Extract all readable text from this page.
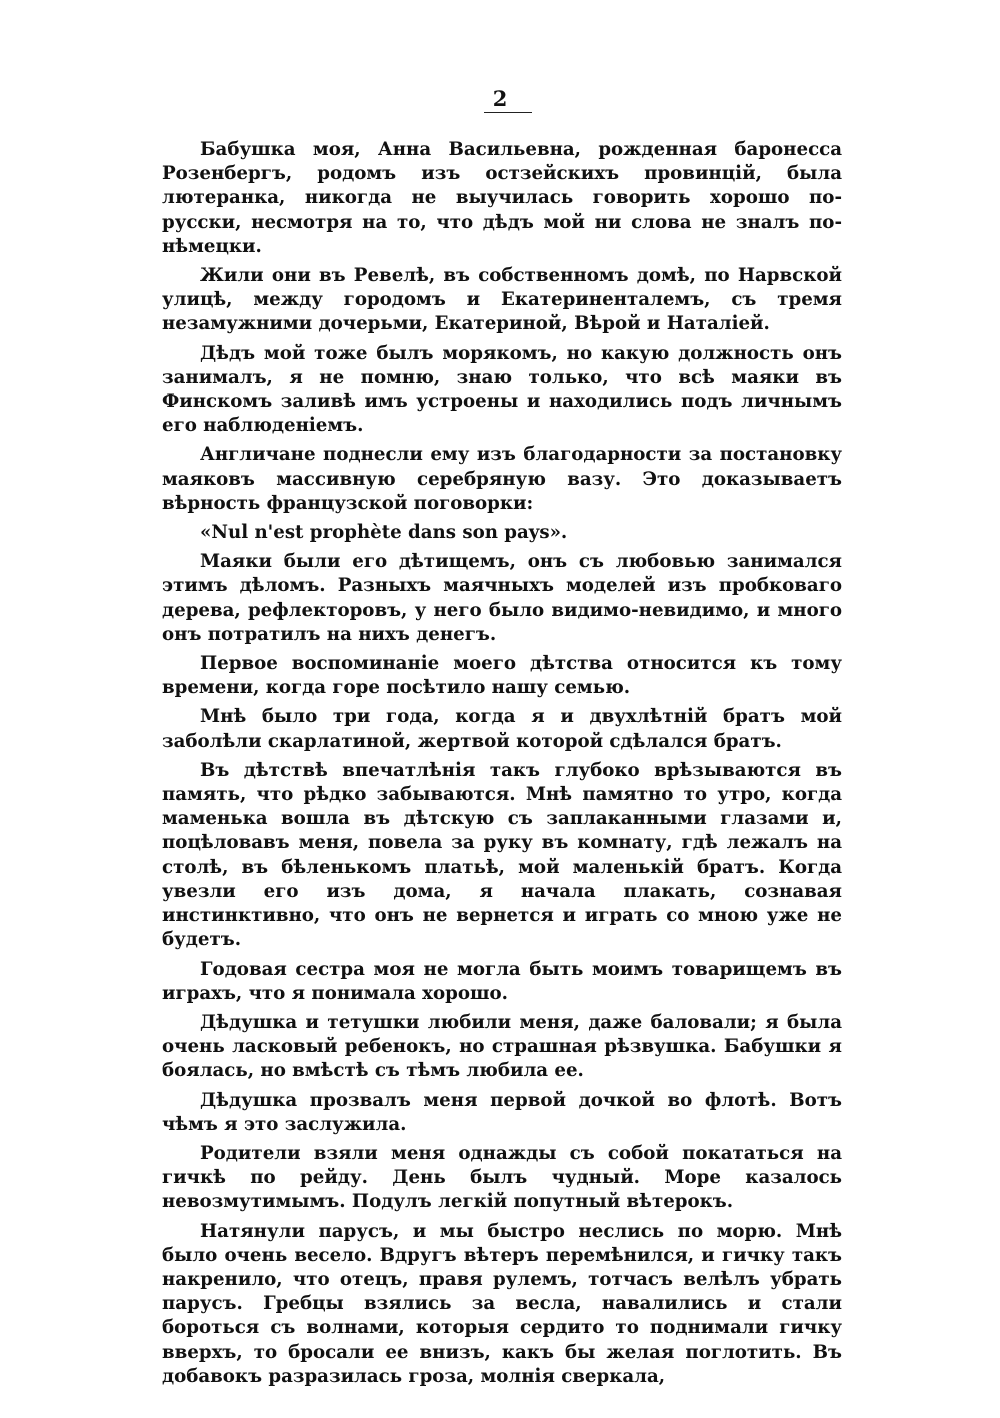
2

Бабушка моя, Анна Васильевна, рожденная баронесса Розенбергъ, родомъ изъ остзейскихъ провинцiй, была лютеранка, никогда не выучилась говорить хорошо по-русски, несмотря на то, что дѣдъ мой ни слова не зналъ по-нѣмецки.

Жили они въ Ревелѣ, въ собственномъ домѣ, по Нарвской улицѣ, между городомъ и Екатериненталемъ, съ тремя незамужними дочерьми, Екатериной, Вѣрой и Наталiей.

Дѣдъ мой тоже былъ морякомъ, но какую должность онъ занималъ, я не помню, знаю только, что всѣ маяки въ Финскомъ заливѣ имъ устроены и находились подъ личнымъ его наблюденiемъ.

Англичане поднесли ему изъ благодарности за постановку маяковъ массивную серебряную вазу. Это доказываетъ вѣрность французской поговорки:

«Nul n'est prophète dans son pays».

Маяки были его дѣтищемъ, онъ съ любовью занимался этимъ дѣломъ. Разныхъ маячныхъ моделей изъ пробковаго дерева, рефлекторовъ, у него было видимо-невидимо, и много онъ потратилъ на нихъ денегъ.

Первое воспоминанiе моего дѣтства относится къ тому времени, когда горе посѣтило нашу семью.

Мнѣ было три года, когда я и двухлѣтнiй братъ мой заболѣли скарлатиной, жертвой которой сдѣлался братъ.

Въ дѣтствѣ впечатлѣнiя такъ глубоко врѣзываются въ память, что рѣдко забываются. Мнѣ памятно то утро, когда маменька вошла въ дѣтскую съ заплаканными глазами и, поцѣловавъ меня, повела за руку въ комнату, гдѣ лежалъ на столѣ, въ бѣленькомъ платьѣ, мой маленькiй братъ. Когда увезли его изъ дома, я начала плакать, сознавая инстинктивно, что онъ не вернется и играть со мною уже не будетъ.

Годовая сестра моя не могла быть моимъ товарищемъ въ играхъ, что я понимала хорошо.

Дѣдушка и тетушки любили меня, даже баловали; я была очень ласковый ребенокъ, но страшная рѣзвушка. Бабушки я боялась, но вмѣстѣ съ тѣмъ любила ее.

Дѣдушка прозвалъ меня первой дочкой во флотѣ. Вотъ чѣмъ я это заслужила.

Родители взяли меня однажды съ собой покататься на гичкѣ по рейду. День былъ чудный. Море казалось невозмутимымъ. Подулъ легкiй попутный вѣтерокъ.

Натянули парусъ, и мы быстро неслись по морю. Мнѣ было очень весело. Вдругъ вѣтеръ перемѣнился, и гичку такъ накренило, что отецъ, правя рулемъ, тотчасъ велѣлъ убрать парусъ. Гребцы взялись за весла, навалились и стали бороться съ волнами, которыя сердито то поднимали гичку вверхъ, то бросали ее внизъ, какъ бы желая поглотить. Въ добавокъ разразилась гроза, молнiя сверкала,
